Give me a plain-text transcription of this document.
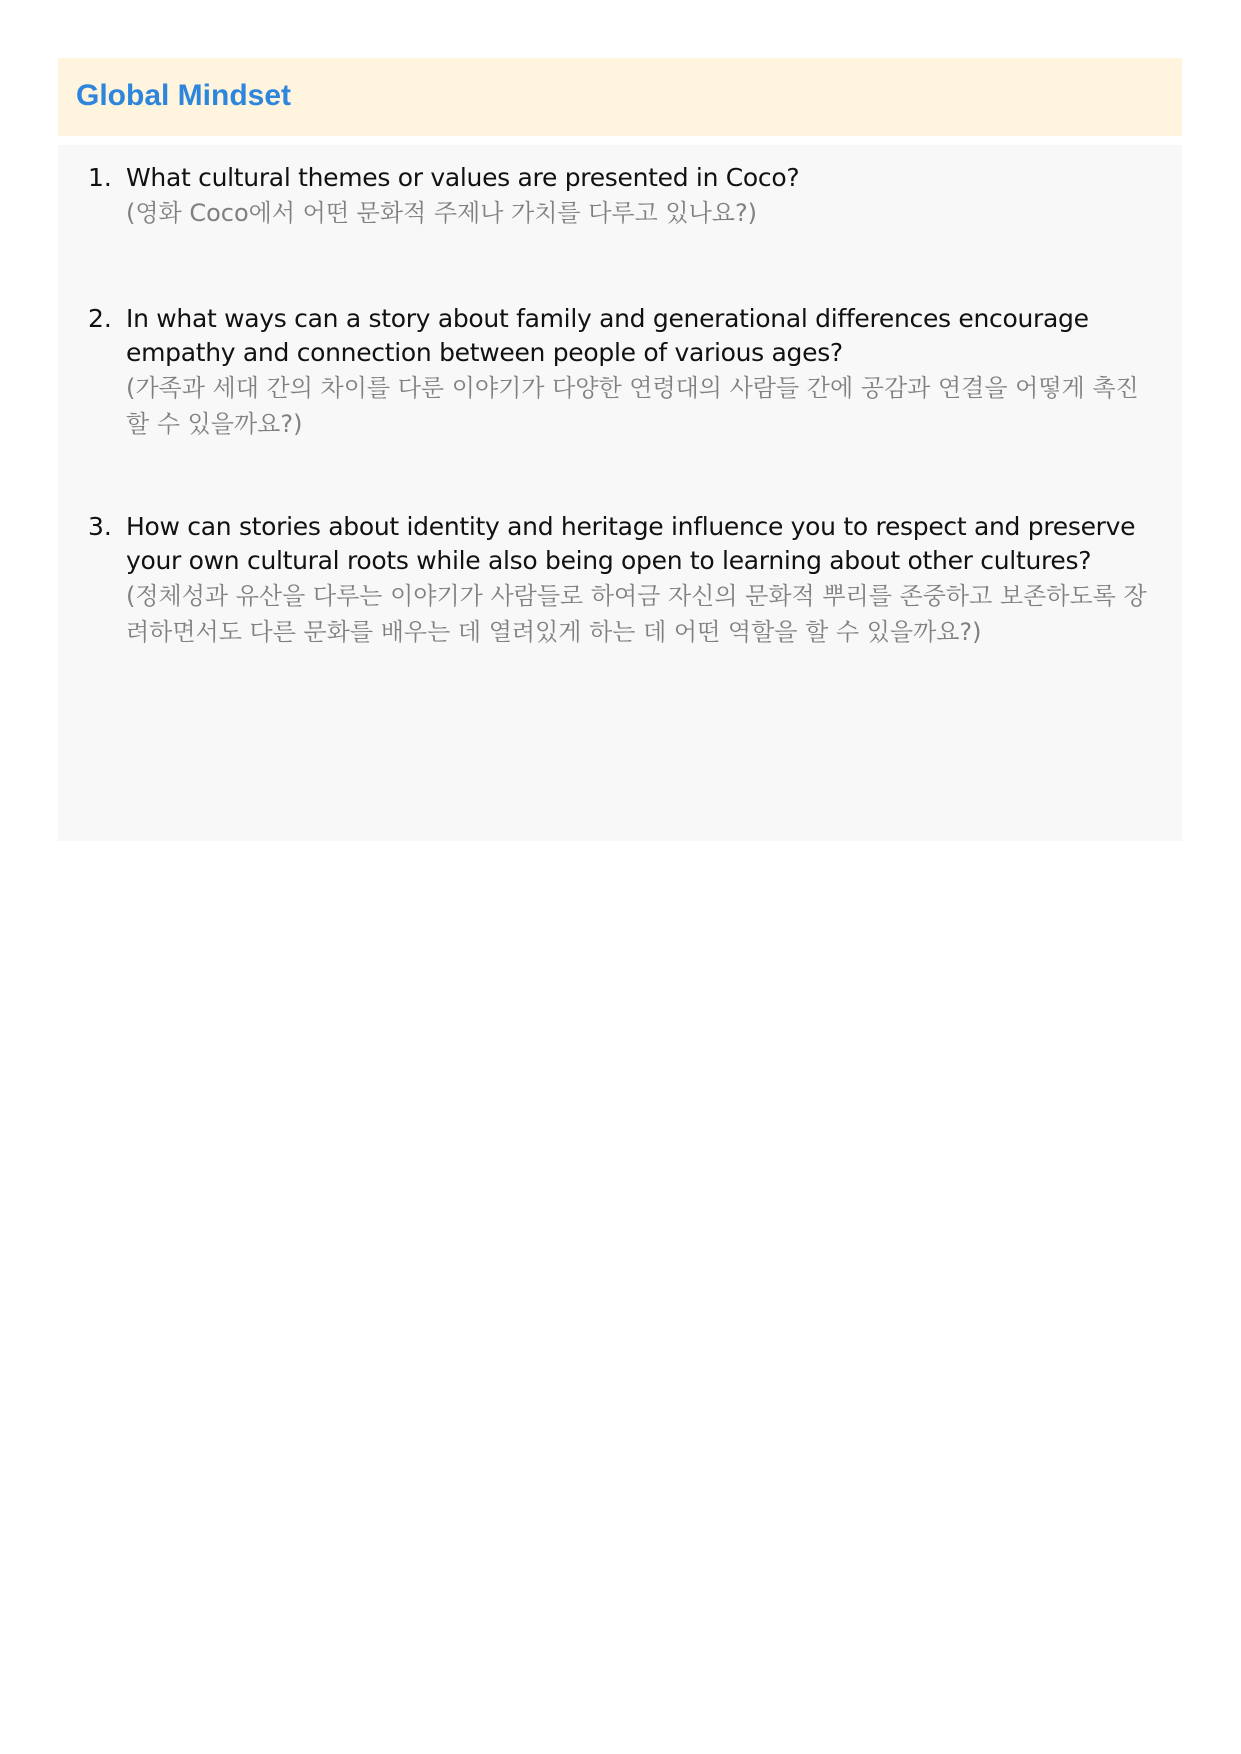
Global Mindset
1. What cultural themes or values are presented in Coco?
(영화 Coco에서 어떤 문화적 주제나 가치를 다루고 있나요?)
2. In what ways can a story about family and generational differences encourage empathy and connection between people of various ages?
(가족과 세대 간의 차이를 다룬 이야기가 다양한 연령대의 사람들 간에 공감과 연결을 어떻게 촉진할 수 있을까요?)
3. How can stories about identity and heritage influence you to respect and preserve your own cultural roots while also being open to learning about other cultures?
(정체성과 유산을 다루는 이야기가 사람들로 하여금 자신의 문화적 뿌리를 존중하고 보존하도록 장려하면서도 다른 문화를 배우는 데 열려있게 하는 데 어떤 역할을 할 수 있을까요?)
